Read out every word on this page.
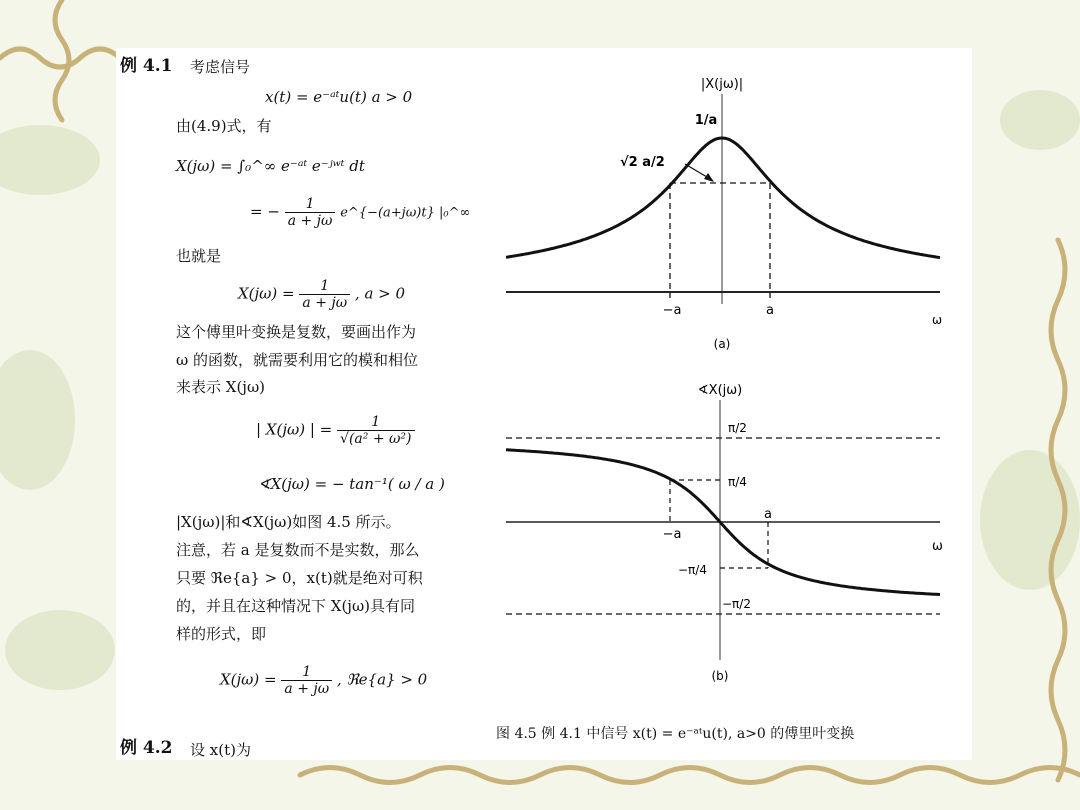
例 4.1 考虑信号
x(t) = e⁻ᵃᵗu(t) a > 0
由(4.9)式，有
X(jω) = ∫₀^∞ e⁻ᵃᵗ e⁻ʲʷᵗ dt
= − $\frac{1}{a + j\omega}$ e^{−(a+jω)t} |₀^∞
也就是
$X(j\omega) = \frac{1}{a + j\omega}$ , a > 0
这个傅里叶变换是复数，要画出作为
ω 的函数，就需要利用它的模和相位
来表示 X(jω)
| X(jω) | = $\frac{1}{\text{√(a² + ω²)}}$
∢X(jω) = − tan⁻¹( ω / a )
|X(jω)|和∢X(jω)如图 4.5 所示。
注意，若 a 是复数而不是实数，那么
只要 ℜe{a} > 0，x(t)就是绝对可积
的，并且在这种情况下 X(jω)具有同
样的形式，即
$X(j\omega) = \frac{1}{a + j\omega}$ , ℜe{a} > 0
例 4.2 设 x(t)为
|X(jω)|
1/a
√2 a/2
−a	a
ω
(a)
∢X(jω)
π/2
π/4
−π/4
−π/2
−a
a
ω
(b)
图 4.5 例 4.1 中信号 x(t) = e⁻ᵃᵗu(t), a>0 的傅里叶变换
